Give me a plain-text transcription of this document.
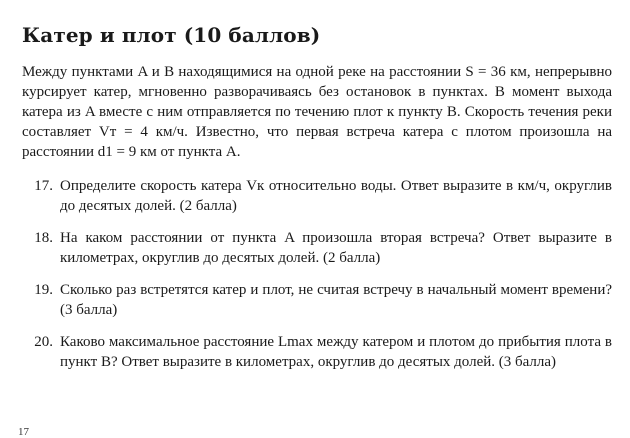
Катер и плот (10 баллов)

Между пунктами A и B находящимися на одной реке на расстоянии S = 36 км, непрерывно курсирует катер, мгновенно разворачиваясь без остановок в пунктах. В момент выхода катера из A вместе с ним отправляется по течению плот к пункту B. Скорость течения реки составляет Vт = 4 км/ч. Известно, что первая встреча катера с плотом произошла на расстоянии d1 = 9 км от пункта A.

17. Определите скорость катера Vк относительно воды. Ответ выразите в км/ч, округлив до десятых долей. (2 балла)
18. На каком расстоянии от пункта A произошла вторая встреча? Ответ выразите в километрах, округлив до десятых долей. (2 балла)
19. Сколько раз встретятся катер и плот, не считая встречу в начальный момент времени? (3 балла)
20. Каково максимальное расстояние Lmax между катером и плотом до прибытия плота в пункт B? Ответ выразите в километрах, округлив до десятых долей. (3 балла)
17
